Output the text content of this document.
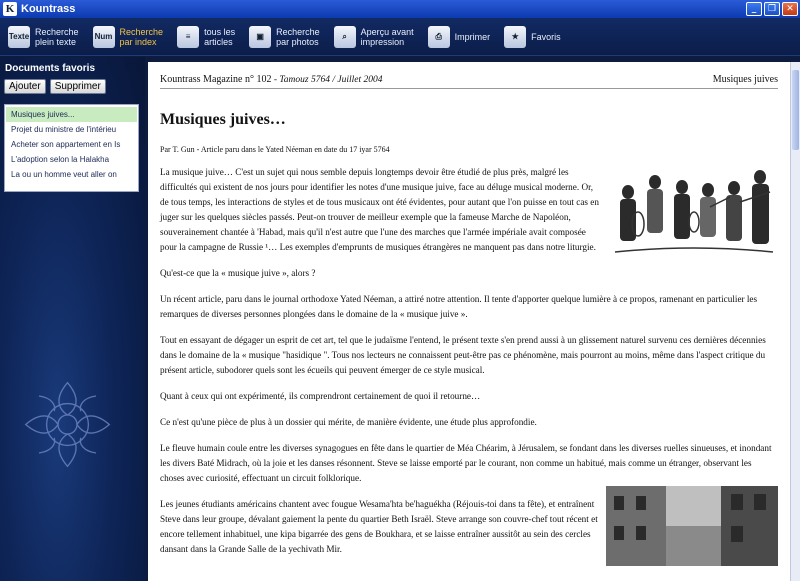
K Kountrass	_	❐	✕
Texte Recherche
plein texte
Num Recherche
par index
≡	tous les
articles
▣	Recherche
par photos
⌕	Aperçu avant
impression
⎙	Imprimer	★	Favoris
Documents favoris
Ajouter	Supprimer
Musiques juives...
Projet du ministre de l'intérieu
Acheter son appartement en Is
L'adoption selon la Halakha
La ou un homme veut aller on
Kountrass Magazine n° 102 - Tamouz 5764 / Juillet 2004	Musiques juives
Musiques juives…
Par T. Gun - Article paru dans le Yated Néeman en date du 17 iyar 5764

La musique juive… C'est un sujet qui nous semble depuis longtemps devoir être étudié de plus près, malgré les difficultés qui existent de nos jours pour identifier les notes d'une musique juive, face au déluge musical moderne. Or, de tous temps, les interactions de styles et de tous musicaux ont été évidentes, pour autant que l'on puisse en tout cas en juger sur les quelques siècles passés. Peut-on trouver de meilleur exemple que la fameuse Marche de Napoléon, souverainement chantée à 'Habad, mais qu'il n'est autre que l'une des marches que l'armée impériale avait composée pour la campagne de Russie ¹… Les exemples d'emprunts de musiques étrangères ne manquent pas dans notre liturgie.

Qu'est-ce que la « musique juive », alors ?

Un récent article, paru dans le journal orthodoxe Yated Néeman, a attiré notre attention. Il tente d'apporter quelque lumière à ce propos, ramenant en particulier les remarques de diverses personnes plongées dans le domaine de la « musique juive ».

Tout en essayant de dégager un esprit de cet art, tel que le judaïsme l'entend, le présent texte s'en prend aussi à un glissement naturel survenu ces dernières décennies dans le domaine de la « musique "hasidique ". Tous nos lecteurs ne connaissent peut-être pas ce phénomène, mais pourront au moins, même dans l'aspect critique du présent article, subodorer quels sont les écueils qui peuvent émerger de ce style musical.

Quant à ceux qui ont expérimenté, ils comprendront certainement de quoi il retourne…

Ce n'est qu'une pièce de plus à un dossier qui mérite, de manière évidente, une étude plus approfondie.

Le fleuve humain coule entre les diverses synagogues en fête dans le quartier de Méa Chéarim, à Jérusalem, se fondant dans les diverses ruelles sinueuses, et inondant les divers Baté Midrach, où la joie et les danses résonnent. Steve se laisse emporté par le courant, non comme un habitué, mais comme un étranger, observant les choses avec curiosité, effectuant un circuit folklorique.

Les jeunes étudiants américains chantent avec fougue Wesama'hta be'haguékha (Réjouis-toi dans ta fête), et entraînent Steve dans leur groupe, dévalant gaiement la pente du quartier Beth Israël. Steve arrange son couvre-chef tout récent et encore tellement inhabituel, une kipa bigarrée des gens de Boukhara, et se laisse entraîner aussitôt au sein des cercles dansant dans la Grande Salle de la yechivath Mir.
